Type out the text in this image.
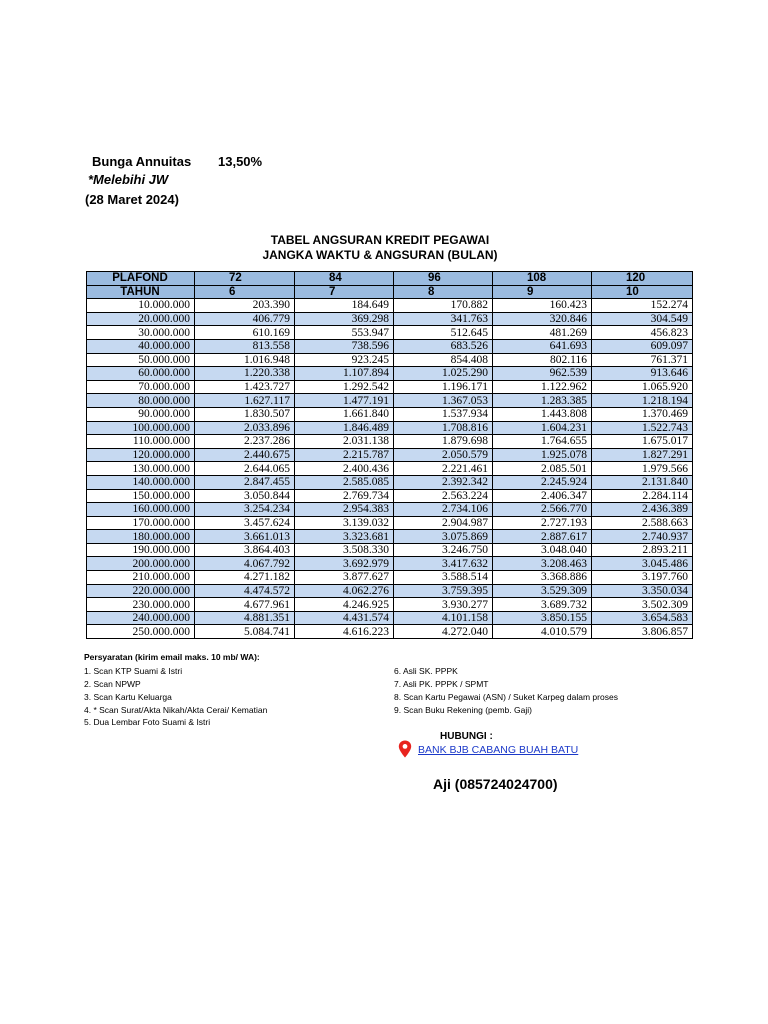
Bunga Annuitas 13,50%
*Melebihi JW
(28 Maret 2024)
TABEL ANGSURAN KREDIT PEGAWAI
JANGKA WAKTU & ANGSURAN (BULAN)
PLAFOND	72	84	96	108	120
TAHUN	6	7	8	9	10
10.000.000	203.390	184.649	170.882	160.423	152.274
20.000.000	406.779	369.298	341.763	320.846	304.549
30.000.000	610.169	553.947	512.645	481.269	456.823
40.000.000	813.558	738.596	683.526	641.693	609.097
50.000.000	1.016.948	923.245	854.408	802.116	761.371
60.000.000	1.220.338	1.107.894	1.025.290	962.539	913.646
70.000.000	1.423.727	1.292.542	1.196.171	1.122.962	1.065.920
80.000.000	1.627.117	1.477.191	1.367.053	1.283.385	1.218.194
90.000.000	1.830.507	1.661.840	1.537.934	1.443.808	1.370.469
100.000.000	2.033.896	1.846.489	1.708.816	1.604.231	1.522.743
110.000.000	2.237.286	2.031.138	1.879.698	1.764.655	1.675.017
120.000.000	2.440.675	2.215.787	2.050.579	1.925.078	1.827.291
130.000.000	2.644.065	2.400.436	2.221.461	2.085.501	1.979.566
140.000.000	2.847.455	2.585.085	2.392.342	2.245.924	2.131.840
150.000.000	3.050.844	2.769.734	2.563.224	2.406.347	2.284.114
160.000.000	3.254.234	2.954.383	2.734.106	2.566.770	2.436.389
170.000.000	3.457.624	3.139.032	2.904.987	2.727.193	2.588.663
180.000.000	3.661.013	3.323.681	3.075.869	2.887.617	2.740.937
190.000.000	3.864.403	3.508.330	3.246.750	3.048.040	2.893.211
200.000.000	4.067.792	3.692.979	3.417.632	3.208.463	3.045.486
210.000.000	4.271.182	3.877.627	3.588.514	3.368.886	3.197.760
220.000.000	4.474.572	4.062.276	3.759.395	3.529.309	3.350.034
230.000.000	4.677.961	4.246.925	3.930.277	3.689.732	3.502.309
240.000.000	4.881.351	4.431.574	4.101.158	3.850.155	3.654.583
250.000.000	5.084.741	4.616.223	4.272.040	4.010.579	3.806.857
Persyaratan (kirim email maks. 10 mb/ WA):
HUBUNGI :
BANK BJB CABANG BUAH BATU
Aji (085724024700)
1. Scan KTP Suami & Istri
2. Scan NPWP
3. Scan Kartu Keluarga
4. * Scan Surat/Akta Nikah/Akta Cerai/ Kematian
5. Dua Lembar Foto Suami & Istri
6. Asli SK. PPPK
7. Asli PK. PPPK / SPMT
8. Scan Kartu Pegawai (ASN) / Suket Karpeg dalam proses
9. Scan Buku Rekening (pemb. Gaji)
